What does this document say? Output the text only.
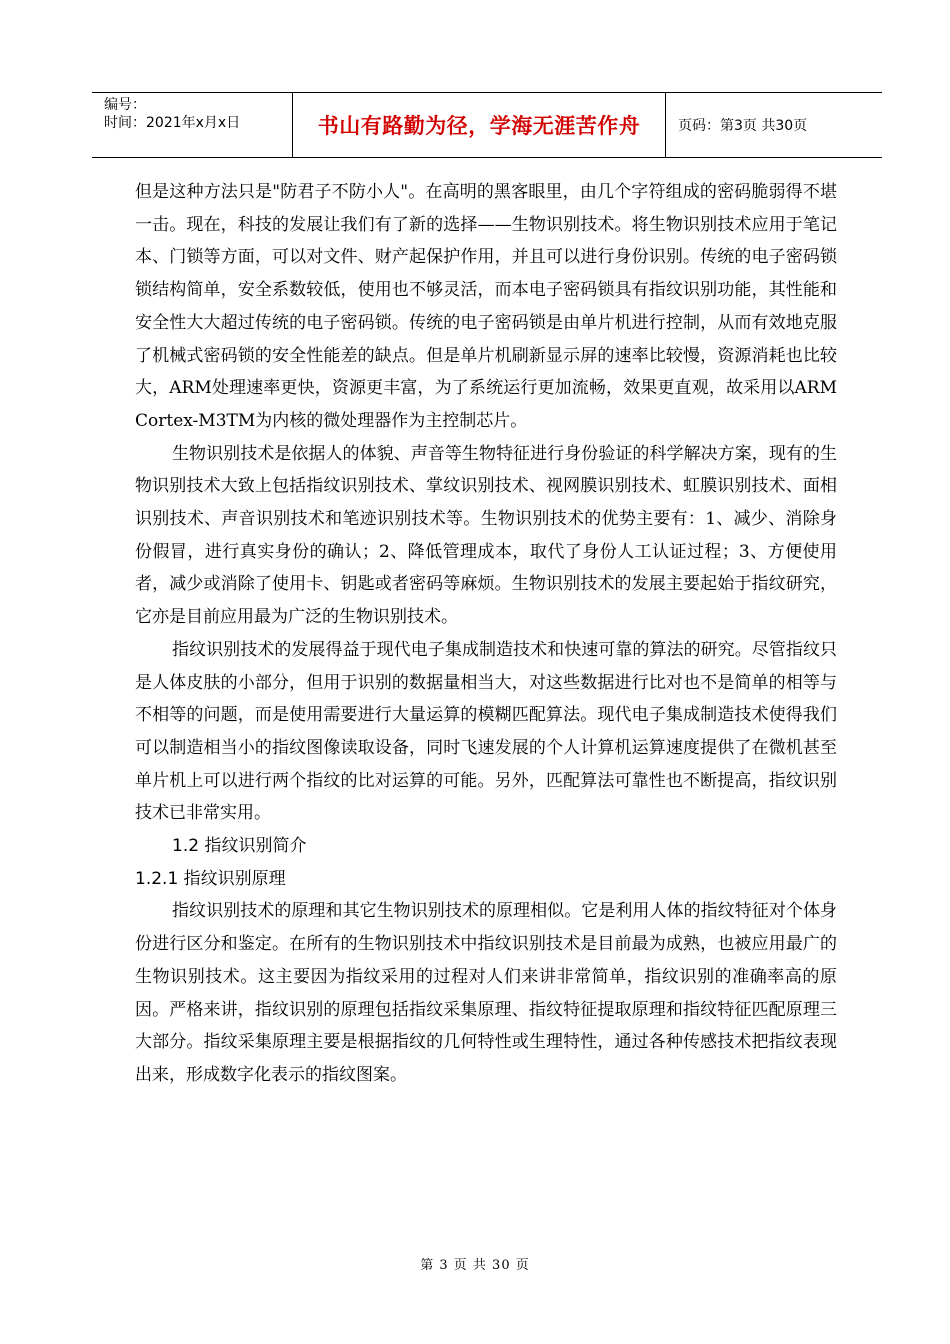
编号：
时间：2021年x月x日	书山有路勤为径，学海无涯苦作舟	页码：第3页 共30页

但是这种方法只是"防君子不防小人"。在高明的黑客眼里，由几个字符组成的密码脆弱得不堪一击。现在，科技的发展让我们有了新的选择——生物识别技术。将生物识别技术应用于笔记本、门锁等方面，可以对文件、财产起保护作用，并且可以进行身份识别。传统的电子密码锁锁结构简单，安全系数较低，使用也不够灵活，而本电子密码锁具有指纹识别功能，其性能和安全性大大超过传统的电子密码锁。传统的电子密码锁是由单片机进行控制，从而有效地克服了机械式密码锁的安全性能差的缺点。但是单片机刷新显示屏的速率比较慢，资源消耗也比较大，ARM处理速率更快，资源更丰富，为了系统运行更加流畅，效果更直观，故采用以ARM Cortex-M3TM为内核的微处理器作为主控制芯片。

生物识别技术是依据人的体貌、声音等生物特征进行身份验证的科学解决方案，现有的生物识别技术大致上包括指纹识别技术、掌纹识别技术、视网膜识别技术、虹膜识别技术、面相识别技术、声音识别技术和笔迹识别技术等。生物识别技术的优势主要有：1、减少、消除身份假冒，进行真实身份的确认；2、降低管理成本，取代了身份人工认证过程；3、方便使用者，减少或消除了使用卡、钥匙或者密码等麻烦。生物识别技术的发展主要起始于指纹研究，它亦是目前应用最为广泛的生物识别技术。

指纹识别技术的发展得益于现代电子集成制造技术和快速可靠的算法的研究。尽管指纹只是人体皮肤的小部分，但用于识别的数据量相当大，对这些数据进行比对也不是简单的相等与不相等的问题，而是使用需要进行大量运算的模糊匹配算法。现代电子集成制造技术使得我们可以制造相当小的指纹图像读取设备，同时飞速发展的个人计算机运算速度提供了在微机甚至单片机上可以进行两个指纹的比对运算的可能。另外，匹配算法可靠性也不断提高，指纹识别技术已非常实用。

1.2 指纹识别简介
1.2.1 指纹识别原理

指纹识别技术的原理和其它生物识别技术的原理相似。它是利用人体的指纹特征对个体身份进行区分和鉴定。在所有的生物识别技术中指纹识别技术是目前最为成熟，也被应用最广的生物识别技术。这主要因为指纹采用的过程对人们来讲非常简单，指纹识别的准确率高的原因。严格来讲，指纹识别的原理包括指纹采集原理、指纹特征提取原理和指纹特征匹配原理三大部分。指纹采集原理主要是根据指纹的几何特性或生理特性，通过各种传感技术把指纹表现出来，形成数字化表示的指纹图案。

第 3 页 共 30 页
